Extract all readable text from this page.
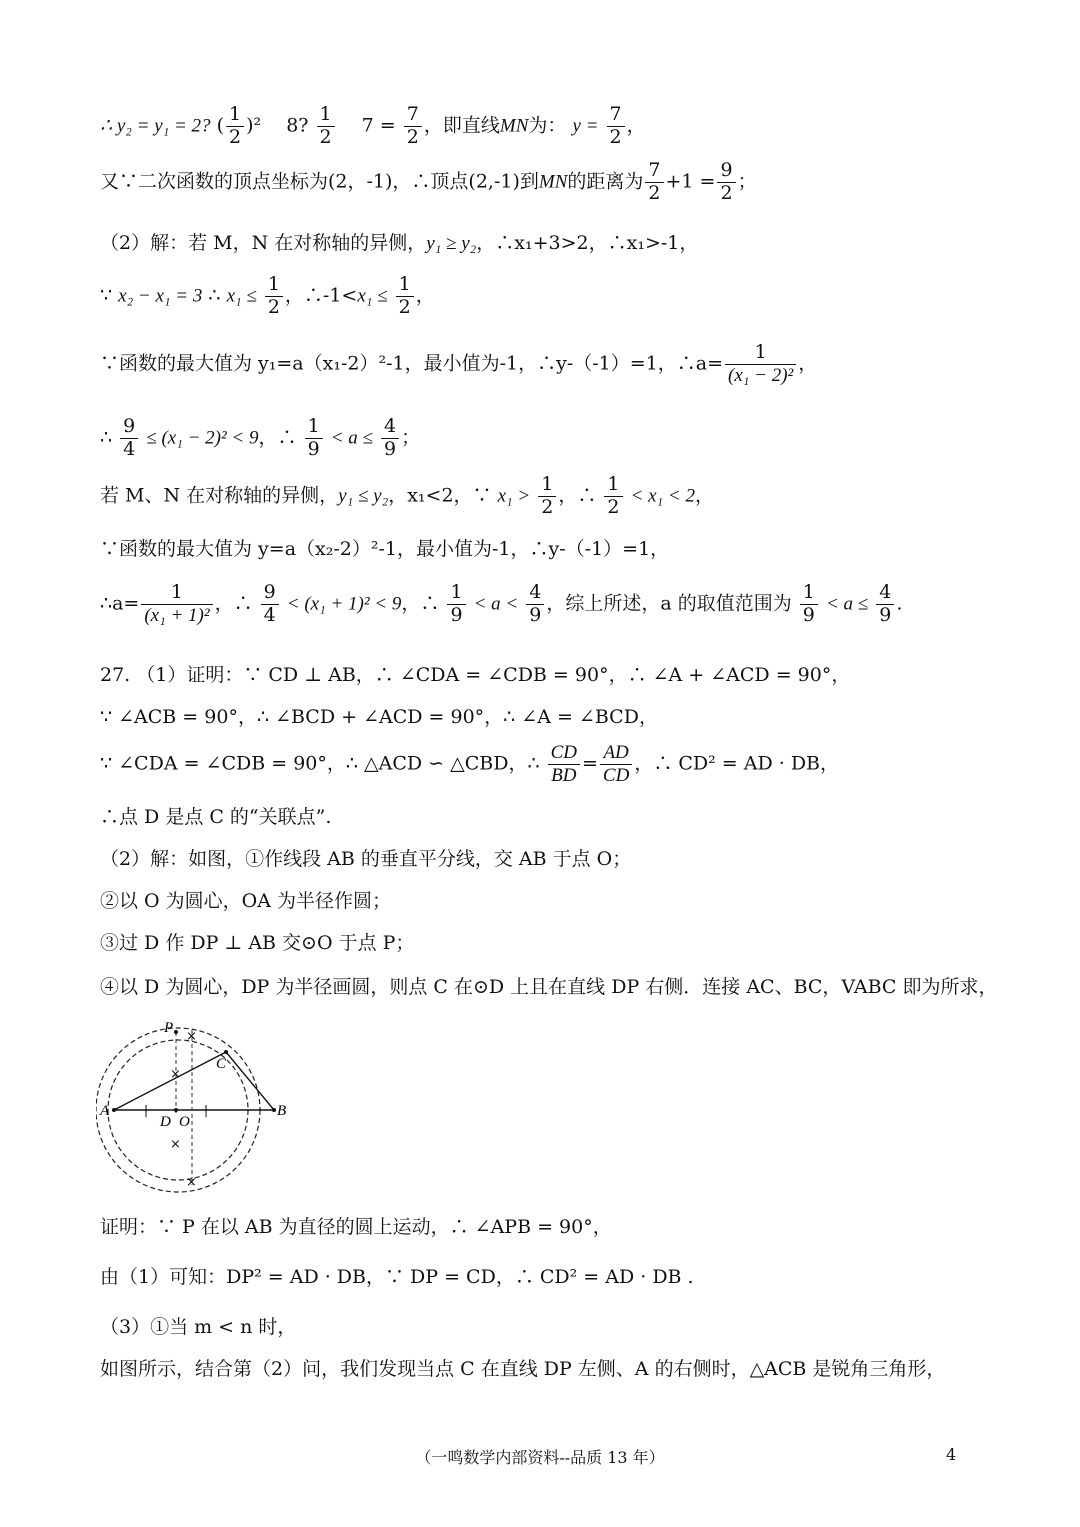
∴ y₂ = y₁ = 2? ( $\frac{1}{2} )^2$ 　8? $\frac{1}{2}$ 　$7 = \frac{7}{2}$ ，即直线MN为： $y = \frac{7}{2}$ ，
又∵二次函数的顶点坐标为(2，-1)，∴顶点(2,-1)到MN的距离为 $\frac{7}{2} +1 = \frac{9}{2}$ ；
（2）解：若 M，N 在对称轴的异侧，y₁ ≥ y₂，∴x₁+3>2，∴x₁>-1，
∵ x₂ − x₁ = 3 ∴ $x_1 \le \frac{1}{2}$ ，∴-1<x₁ ≤ $\frac{1}{2}$ ，
∵函数的最大值为 y₁=a（x₁-2）²-1，最小值为-1，∴y-（-1）=1，∴a= $\frac{1}{\text{(x₁ − 2)²}}$ ，
∴ $\frac{9}{4} \le (x_1 - 2)^2 < 9$，∴ $\frac{1}{9} < a \le \frac{4}{9}$ ；
若 M、N 在对称轴的异侧，y₁ ≤ y₂，x₁<2，∵ $x_1 > \frac{1}{2}$ ，∴ $\frac{1}{2} < x_1 < 2$，
∵函数的最大值为 y=a（x₂-2）²-1，最小值为-1，∴y-（-1）=1，
∴a= $\frac{1}{\text{(x₁ + 1)²}}$ ，∴ $\frac{9}{4} < (x_1 + 1)^2 < 9$，∴ $\frac{1}{9} < a < \frac{4}{9}$ ，综上所述，a 的取值范围为 $\frac{1}{9} < a \le \frac{4}{9}$ .
27. （1）证明：∵ CD ⊥ AB，∴ ∠CDA = ∠CDB = 90°，∴ ∠A + ∠ACD = 90°，
∵ ∠ACB = 90°，∴ ∠BCD + ∠ACD = 90°，∴ ∠A = ∠BCD，
∵ ∠CDA = ∠CDB = 90°，∴ △ACD ∽ △CBD，∴ $\frac{CD}{BD} = \frac{AD}{CD}$ ，∴ CD² = AD · DB，
∴点 D 是点 C 的“关联点”.
（2）解：如图，①作线段 AB 的垂直平分线，交 AB 于点 O；
②以 O 为圆心，OA 为半径作圆；
③过 D 作 DP ⊥ AB 交⊙O 于点 P；
④以 D 为圆心，DP 为半径画圆，则点 C 在⊙D 上且在直线 DP 右侧．连接 AC、BC，VABC 即为所求，
×
×
×
×
|	|
P
C
A	B
D O
证明：∵ P 在以 AB 为直径的圆上运动，∴ ∠APB = 90°，
由（1）可知：DP² = AD · DB，∵ DP = CD，∴ CD² = AD · DB .
（3）①当 m < n 时，
如图所示，结合第（2）问，我们发现当点 C 在直线 DP 左侧、A 的右侧时，△ACB 是锐角三角形，
（一鸣数学内部资料--品质 13 年）	4
